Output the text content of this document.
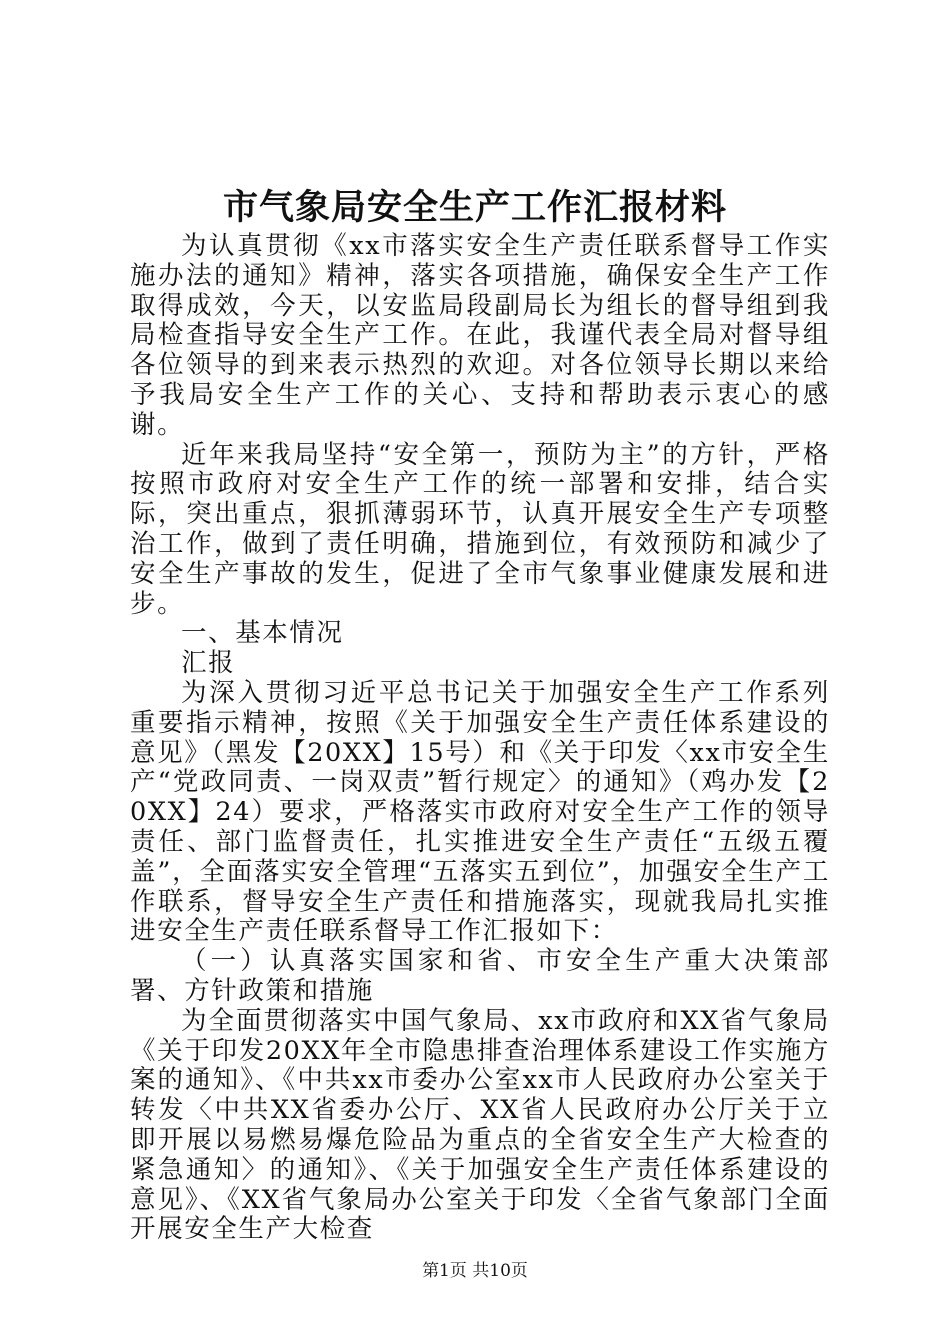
市气象局安全生产工作汇报材料

为认真贯彻《xx市落实安全生产责任联系督导工作实施办法的通知》精神，落实各项措施，确保安全生产工作取得成效，今天，以安监局段副局长为组长的督导组到我局检查指导安全生产工作。在此，我谨代表全局对督导组各位领导的到来表示热烈的欢迎。对各位领导长期以来给予我局安全生产工作的关心、支持和帮助表示衷心的感谢。

近年来我局坚持“安全第一，预防为主”的方针，严格按照市政府对安全生产工作的统一部署和安排，结合实际，突出重点，狠抓薄弱环节，认真开展安全生产专项整治工作，做到了责任明确，措施到位，有效预防和减少了安全生产事故的发生，促进了全市气象事业健康发展和进步。

一、基本情况

汇报

为深入贯彻习近平总书记关于加强安全生产工作系列重要指示精神，按照《关于加强安全生产责任体系建设的意见》（黑发【20XX】15号）和《关于印发〈xx市安全生产“党政同责、一岗双责”暂行规定〉的通知》（鸡办发【20XX】24）要求，严格落实市政府对安全生产工作的领导责任、部门监督责任，扎实推进安全生产责任“五级五覆盖”，全面落实安全管理“五落实五到位”，加强安全生产工作联系，督导安全生产责任和措施落实，现就我局扎实推进安全生产责任联系督导工作汇报如下：

（一）认真落实国家和省、市安全生产重大决策部署、方针政策和措施

为全面贯彻落实中国气象局、xx市政府和XX省气象局《关于印发20XX年全市隐患排查治理体系建设工作实施方案的通知》、《中共xx市委办公室xx市人民政府办公室关于转发〈中共XX省委办公厅、XX省人民政府办公厅关于立即开展以易燃易爆危险品为重点的全省安全生产大检查的紧急通知〉的通知》、《关于加强安全生产责任体系建设的意见》、《XX省气象局办公室关于印发〈全省气象部门全面开展安全生产大检查

第1页 共10页
